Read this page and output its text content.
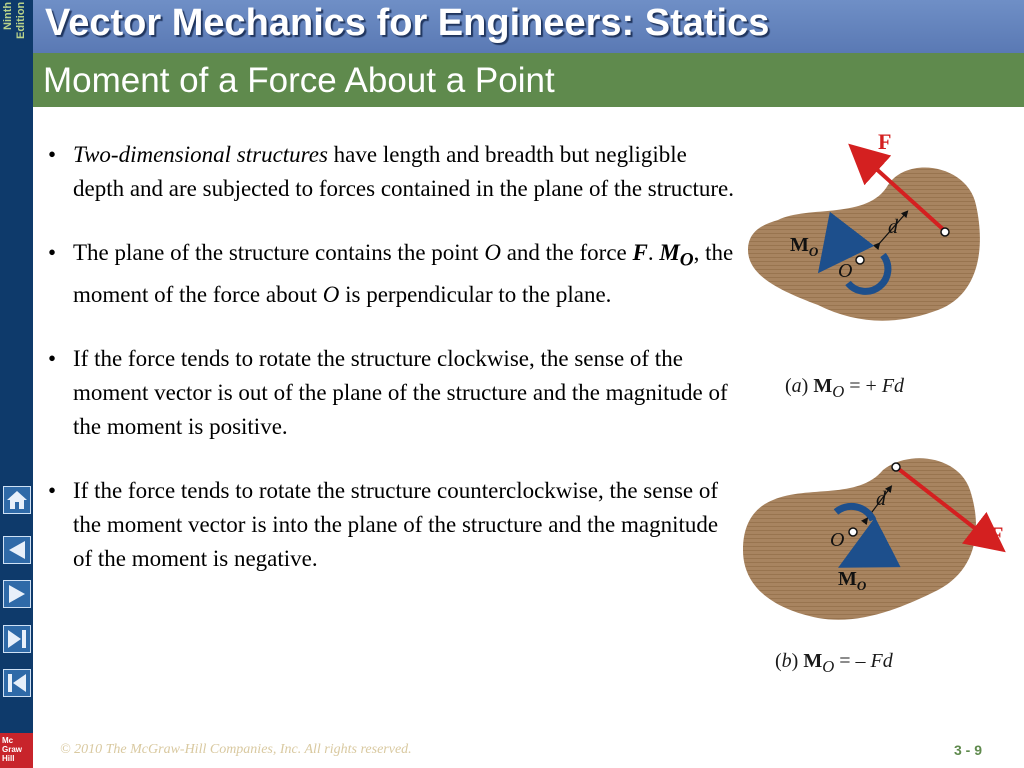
Ninth Edition
Mc Graw Hill
Vector Mechanics for Engineers: Statics
Moment of a Force About a Point
• Two-dimensional structures have length and breadth but negligible depth and are subjected to forces contained in the plane of the structure.
• The plane of the structure contains the point O and the force F. $M_O$, the moment of the force about O is perpendicular to the plane.
• If the force tends to rotate the structure clockwise, the sense of the moment vector is out of the plane of the structure and the magnitude of the moment is positive.
• If the force tends to rotate the structure counterclockwise, the sense of the moment vector is into the plane of the structure and the magnitude of the moment is negative.
F
d
$M_O$
O
(a) $M_O$ = + Fd
F
d
O
$M_O$
(b) $M_O$ = – Fd
© 2010 The McGraw-Hill Companies, Inc. All rights reserved.	3 - 9
